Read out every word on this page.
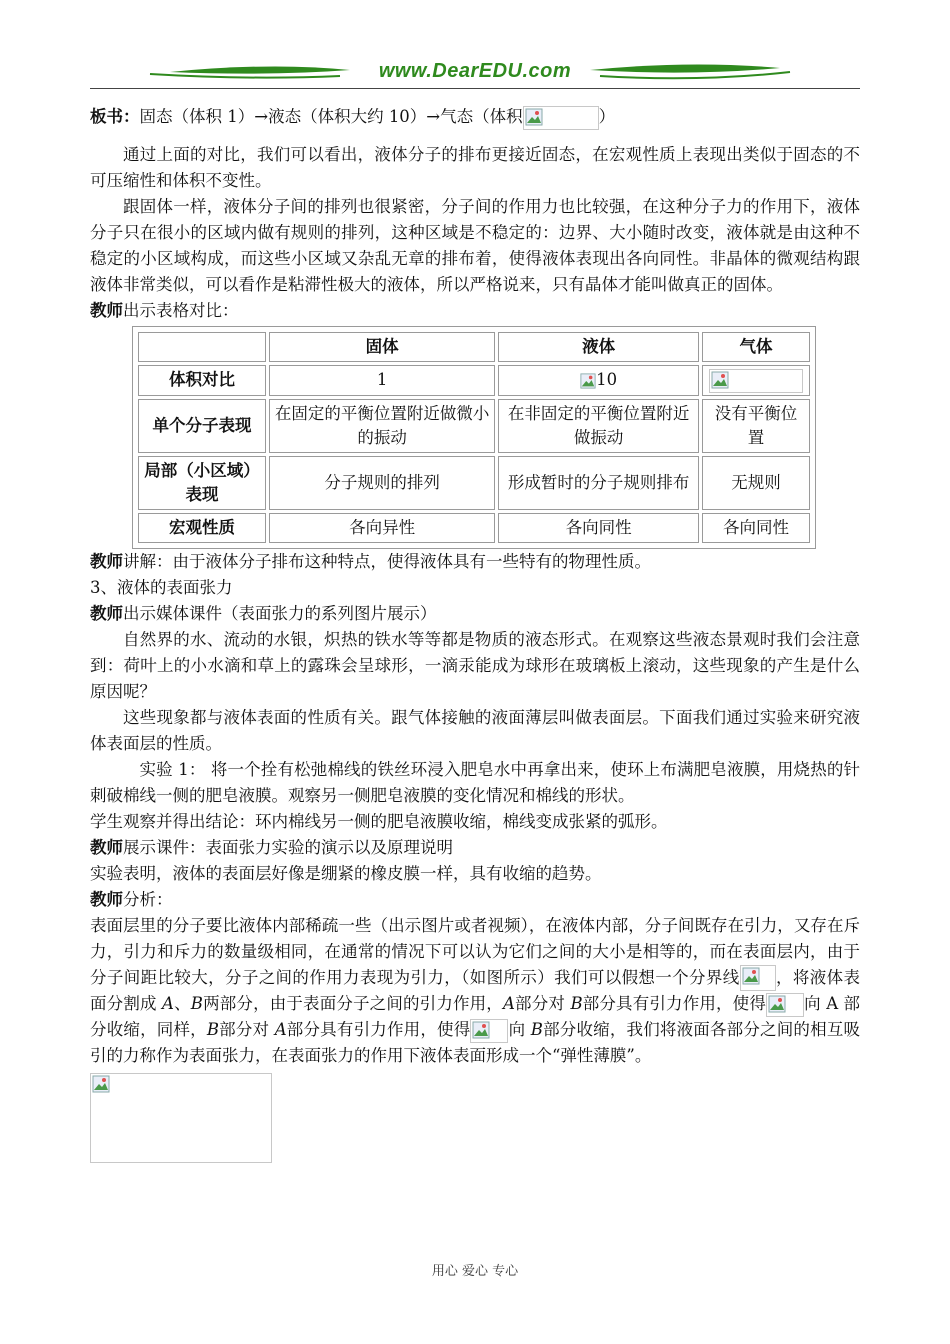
www.DearEDU.com

板书：固态（体积 1）→液态（体积大约 10）→气态（体积	）

通过上面的对比，我们可以看出，液体分子的排布更接近固态，在宏观性质上表现出类似于固态的不可压缩性和体积不变性。

跟固体一样，液体分子间的排列也很紧密，分子间的作用力也比较强，在这种分子力的作用下，液体分子只在很小的区域内做有规则的排列，这种区域是不稳定的：边界、大小随时改变，液体就是由这种不稳定的小区域构成，而这些小区域又杂乱无章的排布着，使得液体表现出各向同性。非晶体的微观结构跟液体非常类似，可以看作是粘滞性极大的液体，所以严格说来，只有晶体才能叫做真正的固体。

教师出示表格对比：

	固体	液体	气体
体积对比	1	10	

单个分子表现	在固定的平衡位置附近做微小的振动	在非固定的平衡位置附近做振动	没有平衡位置
局部（小区域）表现	分子规则的排列	形成暂时的分子规则排布	无规则
宏观性质	各向异性	各向同性	各向同性

教师讲解：由于液体分子排布这种特点，使得液体具有一些特有的物理性质。

3、液体的表面张力

教师出示媒体课件（表面张力的系列图片展示）

自然界的水、流动的水银，炽热的铁水等等都是物质的液态形式。在观察这些液态景观时我们会注意到：荷叶上的小水滴和草上的露珠会呈球形，一滴汞能成为球形在玻璃板上滚动，这些现象的产生是什么原因呢？

这些现象都与液体表面的性质有关。跟气体接触的液面薄层叫做表面层。下面我们通过实验来研究液体表面层的性质。

实验 1： 将一个拴有松弛棉线的铁丝环浸入肥皂水中再拿出来，使环上布满肥皂液膜，用烧热的针刺破棉线一侧的肥皂液膜。观察另一侧肥皂液膜的变化情况和棉线的形状。

学生观察并得出结论：环内棉线另一侧的肥皂液膜收缩，棉线变成张紧的弧形。

教师展示课件：表面张力实验的演示以及原理说明

实验表明，液体的表面层好像是绷紧的橡皮膜一样，具有收缩的趋势。

教师分析：

表面层里的分子要比液体内部稀疏一些（出示图片或者视频），在液体内部，分子间既存在引力，又存在斥力，引力和斥力的数量级相同，在通常的情况下可以认为它们之间的大小是相等的，而在表面层内，由于分子间距比较大，分子之间的作用力表现为引力，（如图所示）我们可以假想一个分界线 ，将液体表面分割成 A、B两部分，由于表面分子之间的引力作用，A部分对 B部分具有引力作用，使得 向 A 部分收缩，同样，B部分对 A部分具有引力作用，使得 向 B部分收缩，我们将液面各部分之间的相互吸引的力称作为表面张力，在表面张力的作用下液体表面形成一个“弹性薄膜”。

用心 爱心 专心
